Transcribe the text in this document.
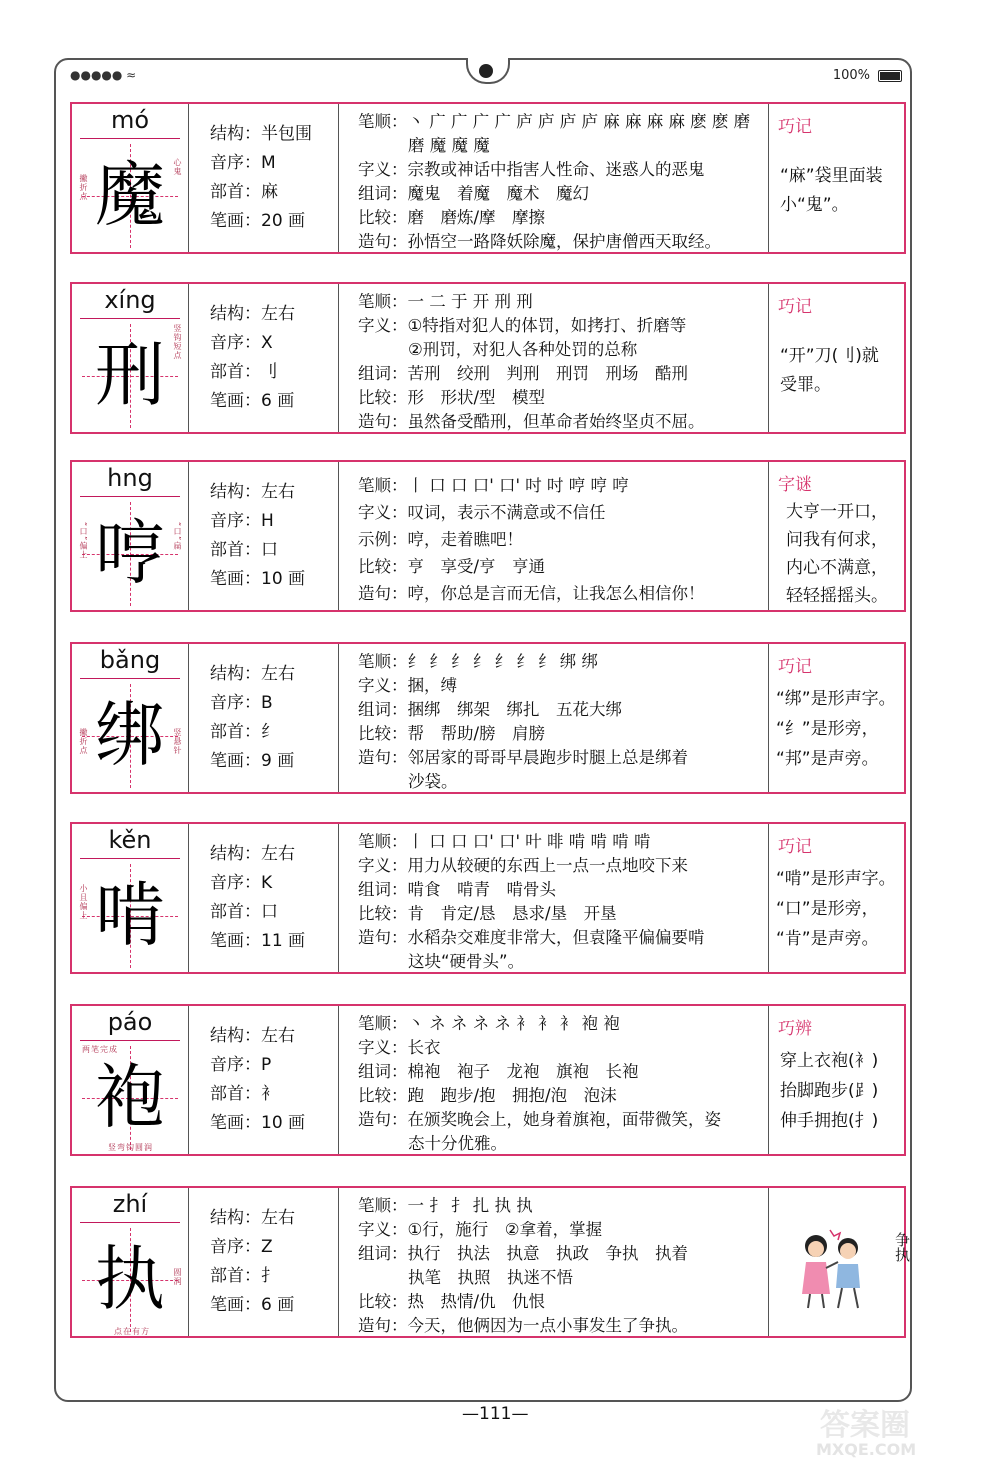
●●●●● ≈	100%
mó
魔
撇折点
心鬼
结构：半包围
音序：M
部首：麻
笔画：20 画
笔顺：丶 广 广 广 广 庐 庐 庐 庐 麻 麻 麻 麻 麽 麽 磨
磨 魔 魔 魔
字义：宗教或神话中指害人性命、迷惑人的恶鬼
组词：魔鬼　着魔　魔术　魔幻
比较：磨　磨炼/摩　摩擦
造句：孙悟空一路降妖除魔，保护唐僧西天取经。
巧记
“麻”袋里面装
小“鬼”。
xíng
刑	竖钩短点
结构：左右
音序：X
部首：刂
笔画：6 画
笔顺：一 二 于 开 刑 刑
字义：①特指对犯人的体罚，如拷打、折磨等
②刑罚，对犯人各种处罚的总称
组词：苦刑　绞刑　判刑　刑罚　刑场　酷刑
比较：形　形状/型　模型
造句：虽然备受酷刑，但革命者始终坚贞不屈。
巧记
“开”刀(刂)就
受罪。
hng
哼
“口”偏上	“口”扁
结构：左右
音序：H
部首：口
笔画：10 画
笔顺：丨 口 口 口' 口' 吋 吋 哼 哼 哼
字义：叹词，表示不满意或不信任
示例：哼，走着瞧吧！
比较：亨　享受/亨　亨通
造句：哼，你总是言而无信，让我怎么相信你！
字谜
大亨一开口，
问我有何求，
内心不满意，
轻轻摇摇头。
bǎng
绑
撇折点	竖悬针
结构：左右
音序：B
部首：纟
笔画：9 画
笔顺：纟 纟 纟 纟 纟 纟 纟 绑 绑
字义：捆，缚
组词：捆绑　绑架　绑扎　五花大绑
比较：帮　帮助/膀　肩膀
造句：邻居家的哥哥早晨跑步时腿上总是绑着
沙袋。
巧记
“绑”是形声字。
“纟”是形旁，
“邦”是声旁。
kěn
啃
小且偏上
结构：左右
音序：K
部首：口
笔画：11 画
笔顺：丨 口 口 口' 口' 叶 啡 啃 啃 啃 啃
字义：用力从较硬的东西上一点一点地咬下来
组词：啃食　啃青　啃骨头
比较：肯　肯定/恳　恳求/垦　开垦
造句：水稻杂交难度非常大，但袁隆平偏偏要啃
这块“硬骨头”。
巧记
“啃”是形声字。
“口”是形旁，
“肯”是声旁。
páo
袍
两笔完成
竖弯钩圆润
结构：左右
音序：P
部首：衤
笔画：10 画
笔顺：丶 ネ ネ ネ ネ 衤 衤 衤 袍 袍
字义：长衣
组词：棉袍　袍子　龙袍　旗袍　长袍
比较：跑　跑步/抱　拥抱/泡　泡沫
造句：在颁奖晚会上，她身着旗袍，面带微笑，姿
态十分优雅。
巧辨
穿上衣袍(衤)
抬脚跑步(⻊)
伸手拥抱(扌)
zhí
执	圆润
点在有方
结构：左右
音序：Z
部首：扌
笔画：6 画
笔顺：一 扌 扌 扎 执 执
字义：①行，施行　②拿着，掌握
组词：执行　执法　执意　执政　争执　执着
执笔　执照　执迷不悟
比较：热　热情/仇　仇恨
造句：今天，他俩因为一点小事发生了争执。
争执
—111—	答案圈
MXQE.COM
